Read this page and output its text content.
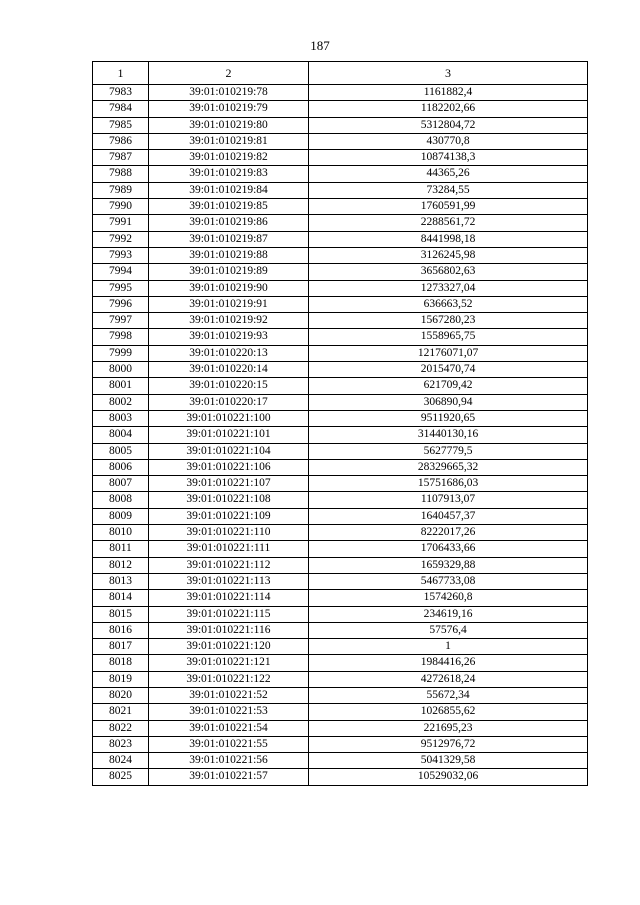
187
1	2	3
7983	39:01:010219:78	1161882,4
7984	39:01:010219:79	1182202,66
7985	39:01:010219:80	5312804,72
7986	39:01:010219:81	430770,8
7987	39:01:010219:82	10874138,3
7988	39:01:010219:83	44365,26
7989	39:01:010219:84	73284,55
7990	39:01:010219:85	1760591,99
7991	39:01:010219:86	2288561,72
7992	39:01:010219:87	8441998,18
7993	39:01:010219:88	3126245,98
7994	39:01:010219:89	3656802,63
7995	39:01:010219:90	1273327,04
7996	39:01:010219:91	636663,52
7997	39:01:010219:92	1567280,23
7998	39:01:010219:93	1558965,75
7999	39:01:010220:13	12176071,07
8000	39:01:010220:14	2015470,74
8001	39:01:010220:15	621709,42
8002	39:01:010220:17	306890,94
8003	39:01:010221:100	9511920,65
8004	39:01:010221:101	31440130,16
8005	39:01:010221:104	5627779,5
8006	39:01:010221:106	28329665,32
8007	39:01:010221:107	15751686,03
8008	39:01:010221:108	1107913,07
8009	39:01:010221:109	1640457,37
8010	39:01:010221:110	8222017,26
8011	39:01:010221:111	1706433,66
8012	39:01:010221:112	1659329,88
8013	39:01:010221:113	5467733,08
8014	39:01:010221:114	1574260,8
8015	39:01:010221:115	234619,16
8016	39:01:010221:116	57576,4
8017	39:01:010221:120	1
8018	39:01:010221:121	1984416,26
8019	39:01:010221:122	4272618,24
8020	39:01:010221:52	55672,34
8021	39:01:010221:53	1026855,62
8022	39:01:010221:54	221695,23
8023	39:01:010221:55	9512976,72
8024	39:01:010221:56	5041329,58
8025	39:01:010221:57	10529032,06
